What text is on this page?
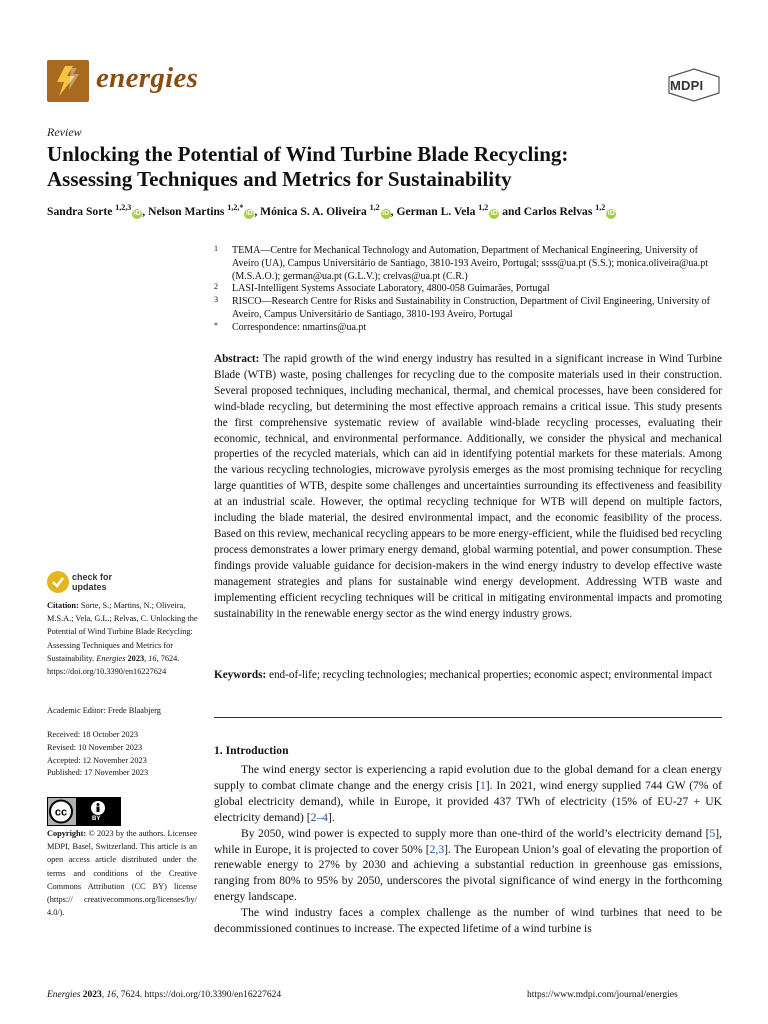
energies	MDPI
Review
Unlocking the Potential of Wind Turbine Blade Recycling:
Assessing Techniques and Metrics for Sustainability
Sandra Sorte $^{1,2,3}$iD , Nelson Martins $^{1,2,*}$iD , Mónica S. A. Oliveira $^{1,2}$iD , German L. Vela $^{1,2}$iD and Carlos Relvas $^{1,2}$iD
1 TEMA—Centre for Mechanical Technology and Automation, Department of Mechanical Engineering, University of Aveiro (UA), Campus Universitário de Santiago, 3810-193 Aveiro, Portugal; ssss@ua.pt (S.S.); monica.oliveira@ua.pt (M.S.A.O.); german@ua.pt (G.L.V.); crelvas@ua.pt (C.R.)
2 LASI-Intelligent Systems Associate Laboratory, 4800-058 Guimarães, Portugal
3 RISCO—Research Centre for Risks and Sustainability in Construction, Department of Civil Engineering, University of Aveiro, Campus Universitário de Santiago, 3810-193 Aveiro, Portugal
* Correspondence: nmartins@ua.pt
Abstract: The rapid growth of the wind energy industry has resulted in a significant increase in Wind Turbine Blade (WTB) waste, posing challenges for recycling due to the composite materials used in their construction. Several proposed techniques, including mechanical, thermal, and chemical processes, have been considered for wind-blade recycling, but determining the most effective approach remains a critical issue. This study presents the first comprehensive systematic review of available wind-blade recycling processes, evaluating their economic, technical, and environmental performance. Additionally, we consider the physical and mechanical properties of the recycled materials, which can aid in identifying potential markets for these materials. Among the various recycling technologies, microwave pyrolysis emerges as the most promising technique for recycling large quantities of WTB, despite some challenges and uncertainties surrounding its effectiveness and feasibility at an industrial scale. However, the optimal recycling technique for WTB will depend on multiple factors, including the blade material, the desired environmental impact, and the economic feasibility of the process. Based on this review, mechanical recycling appears to be more energy-efficient, while the fluidised bed recycling process demonstrates a lower primary energy demand, global warming potential, and power consumption. These findings provide valuable guidance for decision-makers in the wind energy industry to develop effective waste management strategies and plans for sustainable wind energy development. Addressing WTB waste and implementing efficient recycling techniques will be critical in mitigating environmental impacts and promoting sustainability in the renewable energy sector as the wind energy industry grows.
Keywords: end-of-life; recycling technologies; mechanical properties; economic aspect; environmental impact
check for
updates
Citation: Sorte, S.; Martins, N.; Oliveira, M.S.A.; Vela, G.L.; Relvas, C. Unlocking the Potential of Wind Turbine Blade Recycling: Assessing Techniques and Metrics for Sustainability. Energies 2023, 16, 7624. https://doi.org/10.3390/en16227624
Academic Editor: Frede Blaabjerg
Received: 18 October 2023
Revised: 10 November 2023
Accepted: 12 November 2023
Published: 17 November 2023
cc
BY
Copyright: © 2023 by the authors. Licensee MDPI, Basel, Switzerland. This article is an open access article distributed under the terms and conditions of the Creative Commons Attribution (CC BY) license (https:// creativecommons.org/licenses/by/ 4.0/).
1. Introduction

The wind energy sector is experiencing a rapid evolution due to the global demand for a clean energy supply to combat climate change and the energy crisis [1]. In 2021, wind energy supplied 744 GW (7% of global electricity demand), while in Europe, it provided 437 TWh of electricity (15% of EU-27 + UK electricity demand) [2–4].

By 2050, wind power is expected to supply more than one-third of the world’s electricity demand [5], while in Europe, it is projected to cover 50% [2,3]. The European Union’s goal of elevating the proportion of renewable energy to 27% by 2030 and achieving a substantial reduction in greenhouse gas emissions, ranging from 80% to 95% by 2050, underscores the pivotal significance of wind energy in the forthcoming energy landscape.

The wind industry faces a complex challenge as the number of wind turbines that need to be decommissioned continues to increase. The expected lifetime of a wind turbine is

Energies 2023, 16, 7624. https://doi.org/10.3390/en16227624	https://www.mdpi.com/journal/energies
